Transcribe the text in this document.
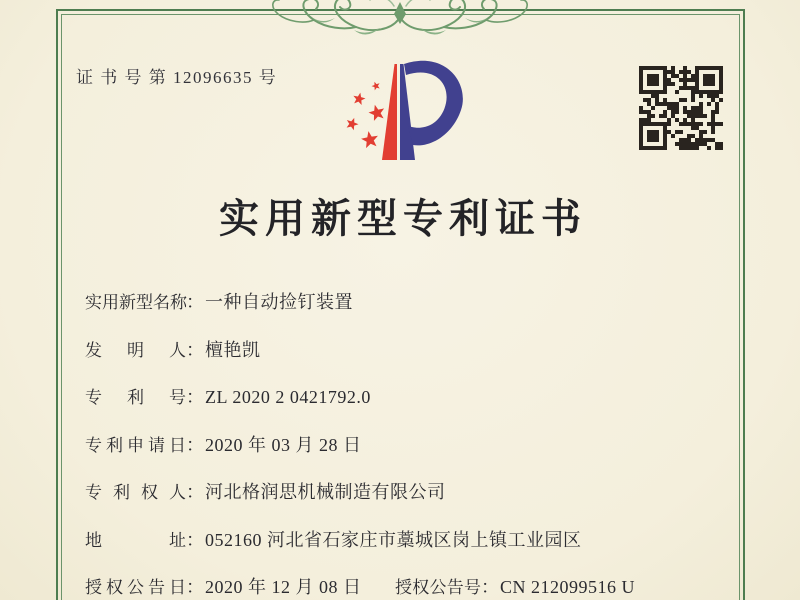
证 书 号 第 12096635 号
实用新型专利证书
实用新型名称：一种自动捡钉装置
发明人：檀艳凯
专利号：ZL 2020 2 0421792.0
专利申请日：2020 年 03 月 28 日
专利权人：河北格润思机械制造有限公司
地址：052160 河北省石家庄市藁城区岗上镇工业园区
授权公告日：2020 年 12 月 08 日 授权公告号：CN 212099516 U
